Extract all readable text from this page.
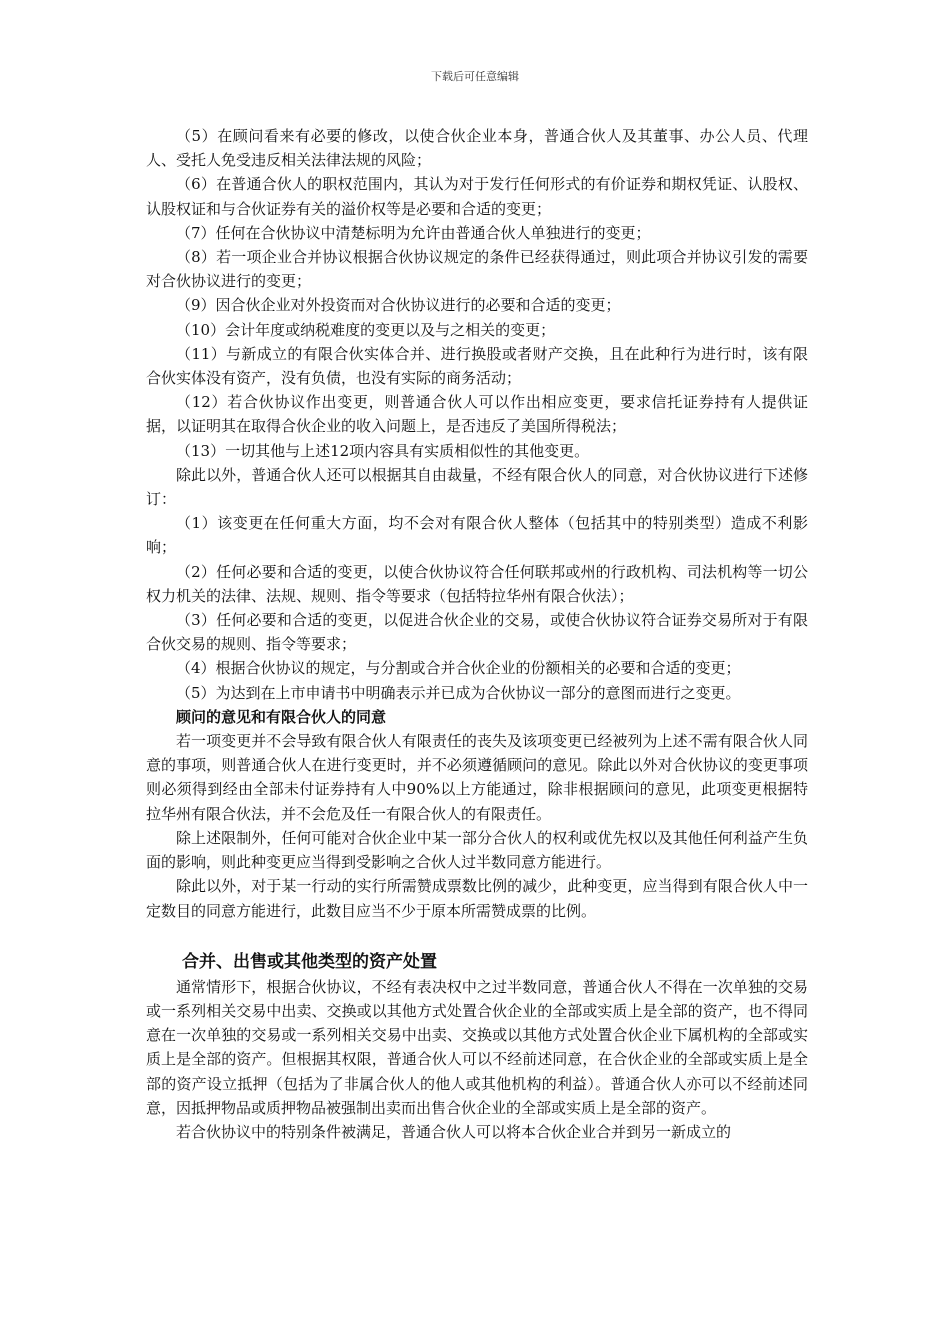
下载后可任意编辑

（5）在顾问看来有必要的修改，以使合伙企业本身，普通合伙人及其董事、办公人员、代理人、受托人免受违反相关法律法规的风险；

（6）在普通合伙人的职权范围内，其认为对于发行任何形式的有价证券和期权凭证、认股权、认股权证和与合伙证券有关的溢价权等是必要和合适的变更；

（7）任何在合伙协议中清楚标明为允许由普通合伙人单独进行的变更；

（8）若一项企业合并协议根据合伙协议规定的条件已经获得通过，则此项合并协议引发的需要对合伙协议进行的变更；

（9）因合伙企业对外投资而对合伙协议进行的必要和合适的变更；

（10）会计年度或纳税难度的变更以及与之相关的变更；

（11）与新成立的有限合伙实体合并、进行换股或者财产交换，且在此种行为进行时，该有限合伙实体没有资产，没有负债，也没有实际的商务活动；

（12）若合伙协议作出变更，则普通合伙人可以作出相应变更，要求信托证券持有人提供证据，以证明其在取得合伙企业的收入问题上，是否违反了美国所得税法；

（13）一切其他与上述12项内容具有实质相似性的其他变更。

除此以外，普通合伙人还可以根据其自由裁量，不经有限合伙人的同意，对合伙协议进行下述修订：

（1）该变更在任何重大方面，均不会对有限合伙人整体（包括其中的特别类型）造成不利影响；

（2）任何必要和合适的变更，以使合伙协议符合任何联邦或州的行政机构、司法机构等一切公权力机关的法律、法规、规则、指令等要求（包括特拉华州有限合伙法）；

（3）任何必要和合适的变更，以促进合伙企业的交易，或使合伙协议符合证券交易所对于有限合伙交易的规则、指令等要求；

（4）根据合伙协议的规定，与分割或合并合伙企业的份额相关的必要和合适的变更；

（5）为达到在上市申请书中明确表示并已成为合伙协议一部分的意图而进行之变更。

顾问的意见和有限合伙人的同意

若一项变更并不会导致有限合伙人有限责任的丧失及该项变更已经被列为上述不需有限合伙人同意的事项，则普通合伙人在进行变更时，并不必须遵循顾问的意见。除此以外对合伙协议的变更事项则必须得到经由全部未付证券持有人中90%以上方能通过，除非根据顾问的意见，此项变更根据特拉华州有限合伙法，并不会危及任一有限合伙人的有限责任。

除上述限制外，任何可能对合伙企业中某一部分合伙人的权利或优先权以及其他任何利益产生负面的影响，则此种变更应当得到受影响之合伙人过半数同意方能进行。

除此以外，对于某一行动的实行所需赞成票数比例的减少，此种变更，应当得到有限合伙人中一定数目的同意方能进行，此数目应当不少于原本所需赞成票的比例。

合并、出售或其他类型的资产处置

通常情形下，根据合伙协议，不经有表决权中之过半数同意，普通合伙人不得在一次单独的交易或一系列相关交易中出卖、交换或以其他方式处置合伙企业的全部或实质上是全部的资产，也不得同意在一次单独的交易或一系列相关交易中出卖、交换或以其他方式处置合伙企业下属机构的全部或实质上是全部的资产。但根据其权限，普通合伙人可以不经前述同意，在合伙企业的全部或实质上是全部的资产设立抵押（包括为了非属合伙人的他人或其他机构的利益）。普通合伙人亦可以不经前述同意，因抵押物品或质押物品被强制出卖而出售合伙企业的全部或实质上是全部的资产。

若合伙协议中的特别条件被满足，普通合伙人可以将本合伙企业合并到另一新成立的
